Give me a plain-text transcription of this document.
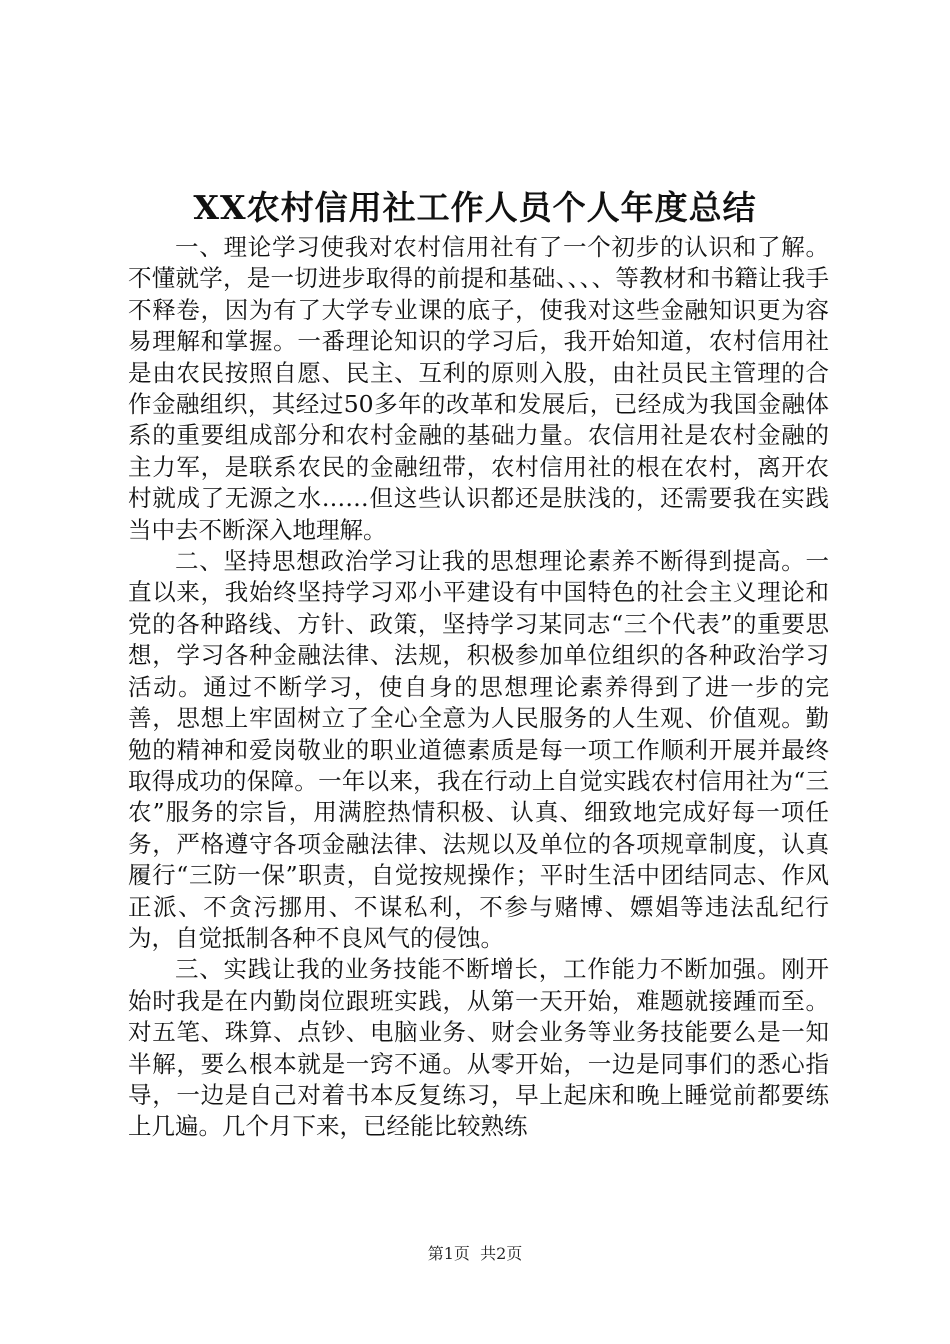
XX农村信用社工作人员个人年度总结

一、理论学习使我对农村信用社有了一个初步的认识和了解。不懂就学，是一切进步取得的前提和基础、、、、等教材和书籍让我手不释卷，因为有了大学专业课的底子，使我对这些金融知识更为容易理解和掌握。一番理论知识的学习后，我开始知道，农村信用社是由农民按照自愿、民主、互利的原则入股，由社员民主管理的合作金融组织，其经过50多年的改革和发展后，已经成为我国金融体系的重要组成部分和农村金融的基础力量。农信用社是农村金融的主力军，是联系农民的金融纽带，农村信用社的根在农村，离开农村就成了无源之水……但这些认识都还是肤浅的，还需要我在实践当中去不断深入地理解。

二、坚持思想政治学习让我的思想理论素养不断得到提高。一直以来，我始终坚持学习邓小平建设有中国特色的社会主义理论和党的各种路线、方针、政策，坚持学习某同志“三个代表”的重要思想，学习各种金融法律、法规，积极参加单位组织的各种政治学习活动。通过不断学习，使自身的思想理论素养得到了进一步的完善，思想上牢固树立了全心全意为人民服务的人生观、价值观。勤勉的精神和爱岗敬业的职业道德素质是每一项工作顺利开展并最终取得成功的保障。一年以来，我在行动上自觉实践农村信用社为“三农”服务的宗旨，用满腔热情积极、认真、细致地完成好每一项任务，严格遵守各项金融法律、法规以及单位的各项规章制度，认真履行“三防一保”职责，自觉按规操作；平时生活中团结同志、作风正派、不贪污挪用、不谋私利，不参与赌博、嫖娼等违法乱纪行为，自觉抵制各种不良风气的侵蚀。

三、实践让我的业务技能不断增长，工作能力不断加强。刚开始时我是在内勤岗位跟班实践，从第一天开始，难题就接踵而至。对五笔、珠算、点钞、电脑业务、财会业务等业务技能要么是一知半解，要么根本就是一窍不通。从零开始，一边是同事们的悉心指导，一边是自己对着书本反复练习，早上起床和晚上睡觉前都要练上几遍。几个月下来，已经能比较熟练

第1页 共2页
